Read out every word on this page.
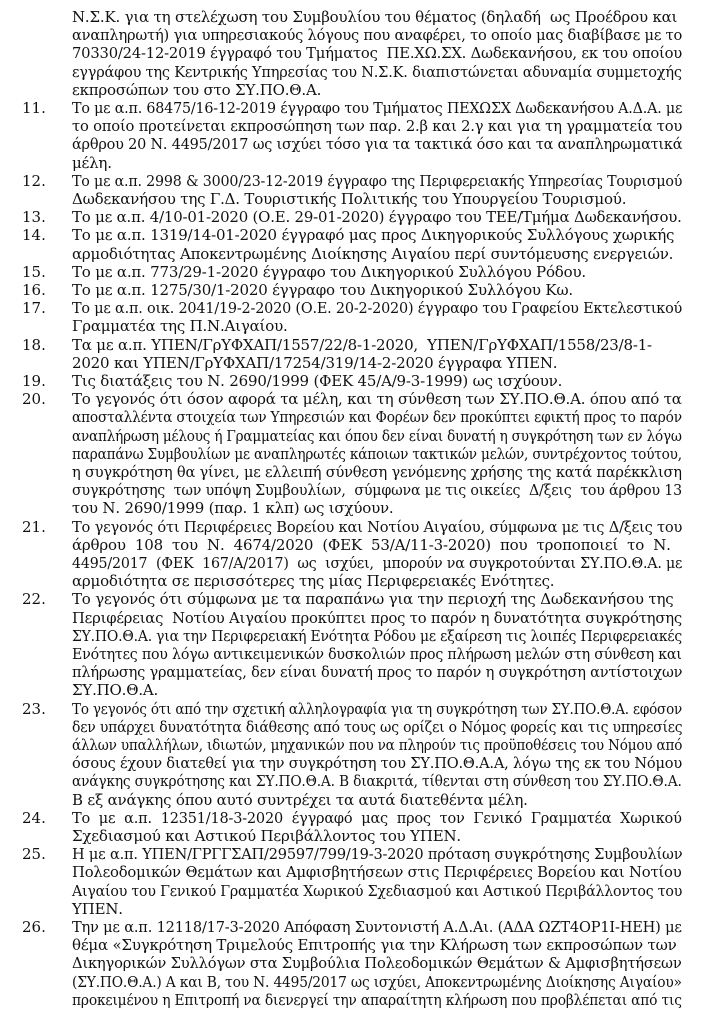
Ν.Σ.Κ. για τη στελέχωση του Συμβουλίου του θέματος (δηλαδή  ως Προέδρου και
αναπληρωτή) για υπηρεσιακούς λόγους που αναφέρει, το οποίο μας διαβίβασε με το
70330/24-12-2019 έγγραφό του Τμήματος  ΠΕ.ΧΩ.ΣΧ. Δωδεκανήσου, εκ του οποίου
εγγράφου της Κεντρικής Υπηρεσίας του Ν.Σ.Κ. διαπιστώνεται αδυναμία συμμετοχής
εκπροσώπων του στο ΣΥ.ΠΟ.Θ.Α.
11. Το με α.π. 68475/16-12-2019 έγγραφο του Τμήματος ΠΕΧΩΣΧ Δωδεκανήσου Α.Δ.Α. με
το οποίο προτείνεται εκπροσώπηση των παρ. 2.β και 2.γ και για τη γραμματεία του
άρθρου 20 Ν. 4495/2017 ως ισχύει τόσο για τα τακτικά όσο και τα αναπληρωματικά
μέλη.
12. Το με α.π. 2998 & 3000/23-12-2019 έγγραφο της Περιφερειακής Υπηρεσίας Τουρισμού
Δωδεκανήσου της Γ.Δ. Τουριστικής Πολιτικής του Υπουργείου Τουρισμού.
13. Το με α.π. 4/10-01-2020 (Ο.Ε. 29-01-2020) έγγραφο του ΤΕΕ/Τμήμα Δωδεκανήσου.
14. Το με α.π. 1319/14-01-2020 έγγραφό μας προς Δικηγορικούς Συλλόγους χωρικής
αρμοδιότητας Αποκεντρωμένης Διοίκησης Αιγαίου περί συντόμευσης ενεργειών.
15. Το με α.π. 773/29-1-2020 έγγραφο του Δικηγορικού Συλλόγου Ρόδου.
16. Το με α.π. 1275/30/1-2020 έγγραφο του Δικηγορικού Συλλόγου Κω.
17. Το με α.π. οικ. 2041/19-2-2020 (Ο.Ε. 20-2-2020) έγγραφο του Γραφείου Εκτελεστικού
Γραμματέα της Π.Ν.Αιγαίου.
18. Τα με α.π. ΥΠΕΝ/ΓρΥΦΧΑΠ/1557/22/8-1-2020,  ΥΠΕΝ/ΓρΥΦΧΑΠ/1558/23/8-1-
2020 και ΥΠΕΝ/ΓρΥΦΧΑΠ/17254/319/14-2-2020 έγγραφα ΥΠΕΝ.
19. Τις διατάξεις του Ν. 2690/1999 (ΦΕΚ 45/Α/9-3-1999) ως ισχύουν.
20. Το γεγονός ότι όσον αφορά τα μέλη, και τη σύνθεση των ΣΥ.ΠΟ.Θ.Α. όπου από τα
αποσταλλέντα στοιχεία των Υπηρεσιών και Φορέων δεν προκύπτει εφικτή προς το παρόν
αναπλήρωση μέλους ή Γραμματείας και όπου δεν είναι δυνατή η συγκρότηση των εν λόγω
παραπάνω Συμβουλίων με αναπληρωτές κάποιων τακτικών μελών, συντρέχοντος τούτου,
η συγκρότηση θα γίνει, με ελλειπή σύνθεση γενόμενης χρήσης της κατά παρέκκλιση
συγκρότησης  των υπόψη Συμβουλίων,  σύμφωνα με τις οικείες  Δ/ξεις  του άρθρου 13
του Ν. 2690/1999 (παρ. 1 κλπ) ως ισχύουν.
21. Το γεγονός ότι Περιφέρειες Βορείου και Νοτίου Αιγαίου, σύμφωνα με τις Δ/ξεις του
άρθρου  108  του  Ν.  4674/2020  (ΦΕΚ  53/Α/11-3-2020)  που  τροποποιεί  το  Ν.
4495/2017  (ΦΕΚ  167/Α/2017)  ως  ισχύει,  μπορούν να συγκροτούνται ΣΥ.ΠΟ.Θ.Α. με
αρμοδιότητα σε περισσότερες της μίας Περιφερειακές Ενότητες.
22. Το γεγονός ότι σύμφωνα με τα παραπάνω για την περιοχή της Δωδεκανήσου της
Περιφέρειας  Νοτίου Αιγαίου προκύπτει προς το παρόν η δυνατότητα συγκρότησης
ΣΥ.ΠΟ.Θ.Α. για την Περιφερειακή Ενότητα Ρόδου με εξαίρεση τις λοιπές Περιφερειακές
Ενότητες που λόγω αντικειμενικών δυσκολιών προς πλήρωση μελών στη σύνθεση και
πλήρωσης γραμματείας, δεν είναι δυνατή προς το παρόν η συγκρότηση αντίστοιχων
ΣΥ.ΠΟ.Θ.Α.
23. Το γεγονός ότι από την σχετική αλληλογραφία για τη συγκρότηση των ΣΥ.ΠΟ.Θ.Α. εφόσον
δεν υπάρχει δυνατότητα διάθεσης από τους ως ορίζει ο Νόμος φορείς και τις υπηρεσίες
άλλων υπαλλήλων, ιδιωτών, μηχανικών που να πληρούν τις προϋποθέσεις του Νόμου από
όσους έχουν διατεθεί για την συγκρότηση του ΣΥ.ΠΟ.Θ.Α.Α, λόγω της εκ του Νόμου
ανάγκης συγκρότησης και ΣΥ.ΠΟ.Θ.Α. Β διακριτά, τίθενται στη σύνθεση του ΣΥ.ΠΟ.Θ.Α.
Β εξ ανάγκης όπου αυτό συντρέχει τα αυτά διατεθέντα μέλη.
24. Το  με  α.π.  12351/18-3-2020  έγγραφό  μας  προς  τον  Γενικό  Γραμματέα  Χωρικού
Σχεδιασμού και Αστικού Περιβάλλοντος του ΥΠΕΝ.
25. Η με α.π. ΥΠΕΝ/ΓΡΓΓΣΑΠ/29597/799/19-3-2020 πρόταση συγκρότησης Συμβουλίων
Πολεοδομικών Θεμάτων και Αμφισβητήσεων στις Περιφέρειες Βορείου και Νοτίου
Αιγαίου του Γενικού Γραμματέα Χωρικού Σχεδιασμού και Αστικού Περιβάλλοντος του
ΥΠΕΝ.
26. Την με α.π. 12118/17-3-2020 Απόφαση Συντονιστή Α.Δ.Αι. (ΑΔΑ ΩΖΤ4ΟΡ1Ι-ΗΕΗ) με
θέμα «Συγκρότηση Τριμελούς Επιτροπής για την Κλήρωση των εκπροσώπων των
Δικηγορικών Συλλόγων στα Συμβούλια Πολεοδομικών Θεμάτων & Αμφισβητήσεων
(ΣΥ.ΠΟ.Θ.Α.) Α και Β, του Ν. 4495/2017 ως ισχύει, Αποκεντρωμένης Διοίκησης Αιγαίου»
προκειμένου η Επιτροπή να διενεργεί την απαραίτητη κλήρωση που προβλέπεται από τις
